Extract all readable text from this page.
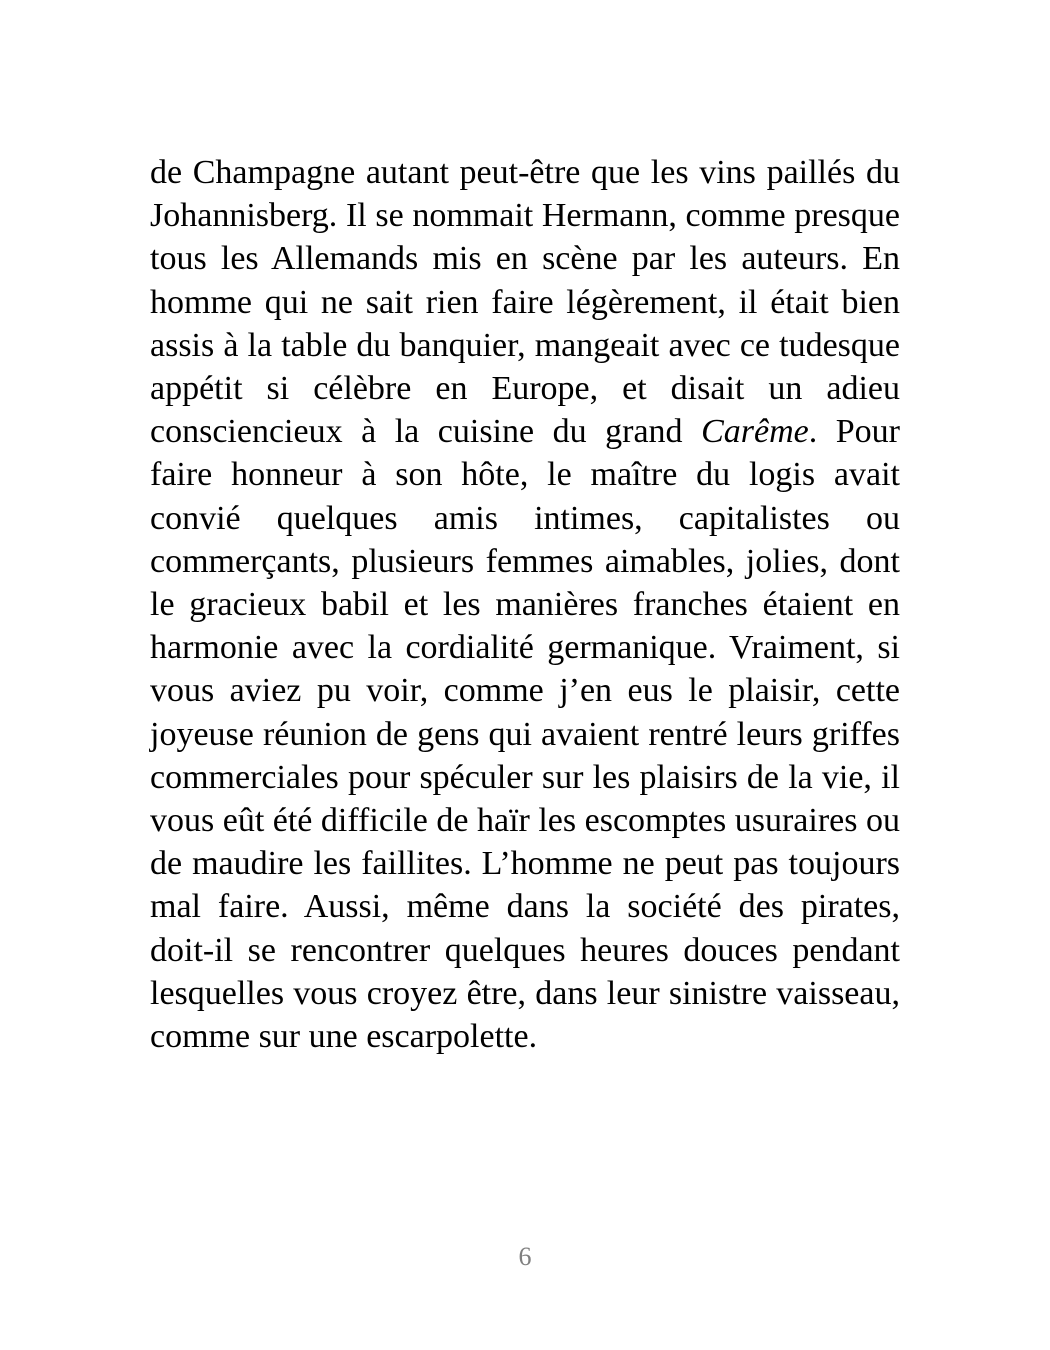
de Champagne autant peut-être que les vins paillés du Johannisberg. Il se nommait Hermann, comme presque tous les Allemands mis en scène par les auteurs. En homme qui ne sait rien faire légèrement, il était bien assis à la table du banquier, mangeait avec ce tudesque appétit si célèbre en Europe, et disait un adieu consciencieux à la cuisine du grand Carême. Pour faire honneur à son hôte, le maître du logis avait convié quelques amis intimes, capitalistes ou commerçants, plusieurs femmes aimables, jolies, dont le gracieux babil et les manières franches étaient en harmonie avec la cordialité germanique. Vraiment, si vous aviez pu voir, comme j’en eus le plaisir, cette joyeuse réunion de gens qui avaient rentré leurs griffes commerciales pour spéculer sur les plaisirs de la vie, il vous eût été difficile de haïr les escomptes usuraires ou de maudire les faillites. L’homme ne peut pas toujours mal faire. Aussi, même dans la société des pirates, doit-il se rencontrer quelques heures douces pendant lesquelles vous croyez être, dans leur sinistre vaisseau, comme sur une escarpolette.

6
